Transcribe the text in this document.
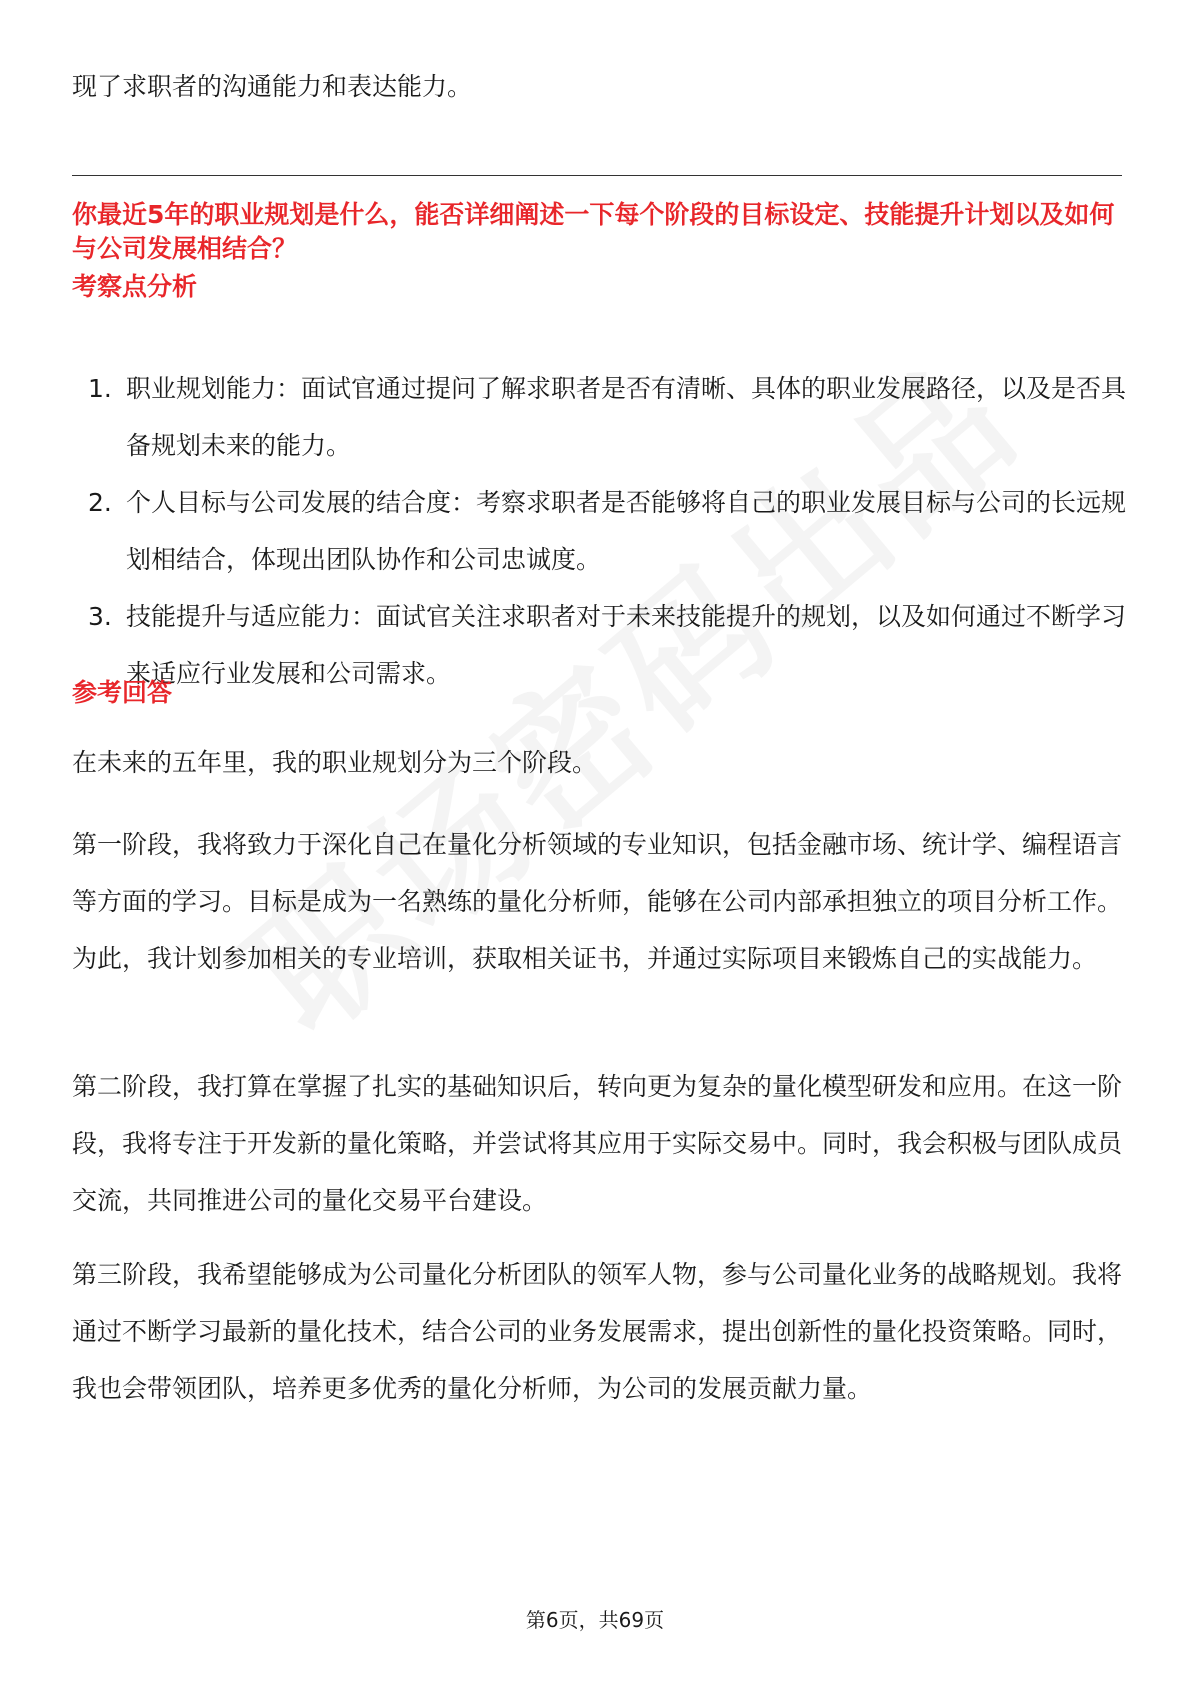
现了求职者的沟通能力和表达能力。
你最近5年的职业规划是什么，能否详细阐述一下每个阶段的目标设定、技能提升计划以及如何与公司发展相结合？
考察点分析
1. 职业规划能力：面试官通过提问了解求职者是否有清晰、具体的职业发展路径，以及是否具备规划未来的能力。
2. 个人目标与公司发展的结合度：考察求职者是否能够将自己的职业发展目标与公司的长远规划相结合，体现出团队协作和公司忠诚度。
3. 技能提升与适应能力：面试官关注求职者对于未来技能提升的规划，以及如何通过不断学习来适应行业发展和公司需求。
参考回答

在未来的五年里，我的职业规划分为三个阶段。

第一阶段，我将致力于深化自己在量化分析领域的专业知识，包括金融市场、统计学、编程语言等方面的学习。目标是成为一名熟练的量化分析师，能够在公司内部承担独立的项目分析工作。为此，我计划参加相关的专业培训，获取相关证书，并通过实际项目来锻炼自己的实战能力。

第二阶段，我打算在掌握了扎实的基础知识后，转向更为复杂的量化模型研发和应用。在这一阶段，我将专注于开发新的量化策略，并尝试将其应用于实际交易中。同时，我会积极与团队成员交流，共同推进公司的量化交易平台建设。

第三阶段，我希望能够成为公司量化分析团队的领军人物，参与公司量化业务的战略规划。我将通过不断学习最新的量化技术，结合公司的业务发展需求，提出创新性的量化投资策略。同时，我也会带领团队，培养更多优秀的量化分析师，为公司的发展贡献力量。

第6页，共69页
